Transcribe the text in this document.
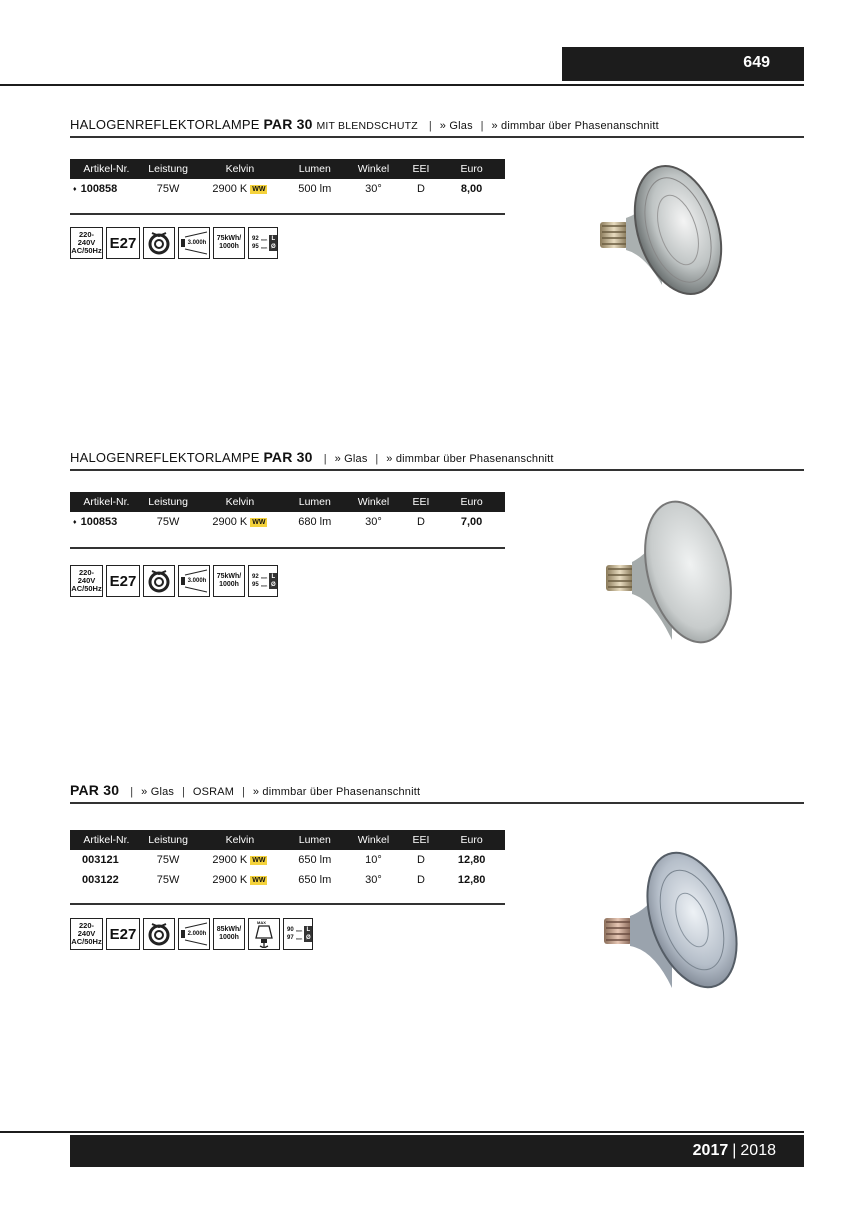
649
HALOGENREFLEKTORLAMPE PAR 30 MIT BLENDSCHUTZ  | » Glas | » dimmbar über Phasenanschnitt
Artikel-Nr.	Leistung	Kelvin	Lumen	Winkel	EEI	Euro
♦ 100858	75W	2900 K WW	500 lm	30°	D	8,00
220-240V
AC/50Hz E27	3.000h
75kWh/
1000h
92 mm L
95 mm Ø
HALOGENREFLEKTORLAMPE PAR 30  | » Glas | » dimmbar über Phasenanschnitt
Artikel-Nr.	Leistung	Kelvin	Lumen	Winkel	EEI	Euro
♦ 100853	75W	2900 K WW	680 lm	30°	D	7,00
220-240V
AC/50Hz E27	3.000h
75kWh/
1000h
92 mm L
95 mm Ø
PAR 30  | » Glas | OSRAM | » dimmbar über Phasenanschnitt
Artikel-Nr.	Leistung	Kelvin	Lumen	Winkel	EEI	Euro
003121	75W	2900 K WW	650 lm	10°	D	12,80
003122	75W	2900 K WW	650 lm	30°	D	12,80
220-240V
AC/50Hz E27	2.000h
85kWh/
1000h
MAX
90 mm L
97 mm Ø
2017 | 2018
